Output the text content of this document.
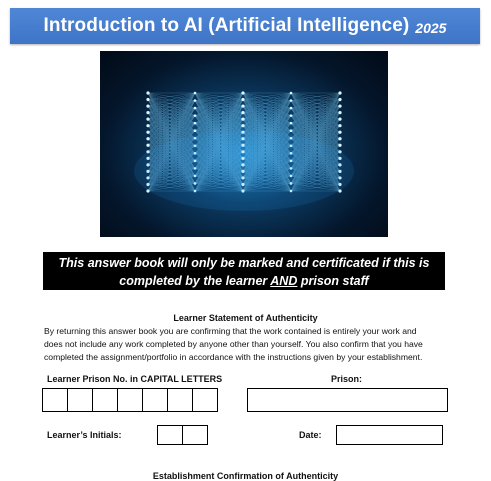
Introduction to AI (Artificial Intelligence) 2025
This answer book will only be marked and certificated if this is
completed by the learner AND prison staff
Learner Statement of Authenticity
By returning this answer book you are confirming that the work contained is entirely your work and
does not include any work completed by anyone other than yourself. You also confirm that you have
completed the assignment/portfolio in accordance with the instructions given by your establishment.
Learner Prison No. in CAPITAL LETTERS	Prison:
Learner’s Initials:	Date:
Establishment Confirmation of Authenticity
